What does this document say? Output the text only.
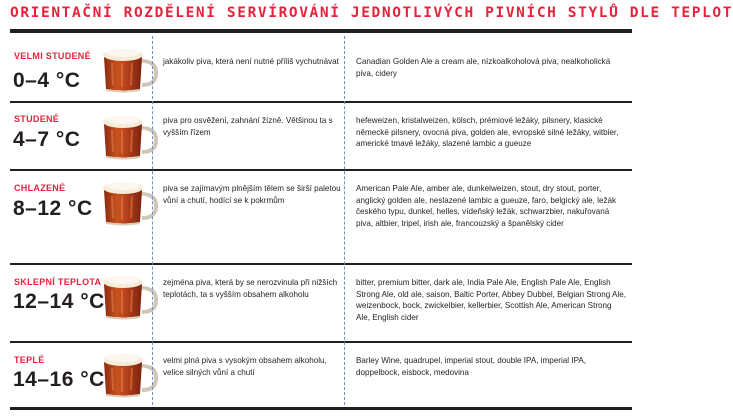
ORIENTAČNÍ ROZDĚLENÍ SERVÍROVÁNÍ JEDNOTLIVÝCH PIVNÍCH STYLŮ DLE TEPLOT
VELMI STUDENÉ
0–4 °C
jakákoliv piva, která není nutné příliš vychutnávat	Canadian Golden Ale a cream ale, nízkoalkoholová piva, nealkoholická piva, cidery
STUDENÉ
4–7 °C
piva pro osvěžení, zahnání žízně. Většinou ta s vyšším řízem
hefeweizen, kristalweizen, kölsch, prémiové ležáky, pilsnery, klasické německé pilsnery, ovocná piva, golden ale, evropské silné ležáky, witbier, americké tmavé ležáky, slazené lambic a gueuze
CHLAZENÉ
8–12 °C
piva se zajímavým plnějším tělem se širší paletou vůní a chutí, hodící se k pokrmům
American Pale Ale, amber ale, dunkelweizen, stout, dry stout, porter, anglický golden ale, neslazené lambic a gueuze, faro, belgický ale, ležák českého typu, dunkel, helles, vídeňský ležák, schwarzbier, nakuřovaná piva, altbier, tripel, irish ale, francouzský a španělský cider
SKLEPNÍ TEPLOTA
12–14 °C
zejména piva, která by se nerozvinula při nižších teplotách, ta s vyšším obsahem alkoholu
bitter, premium bitter, dark ale, India Pale Ale, English Pale Ale, English Strong Ale, old ale, saison, Baltic Porter, Abbey Dubbel, Belgian Strong Ale, weizenbock, bock, zwickelbier, kellerbier, Scottish Ale, American Strong Ale, English cider
TEPLÉ
14–16 °C
velmi plná piva s vysokým obsahem alkoholu, velice silných vůní a chutí
Barley Wine, quadrupel, imperial stout, double IPA, imperial IPA, doppelbock, eisbock, medovina
